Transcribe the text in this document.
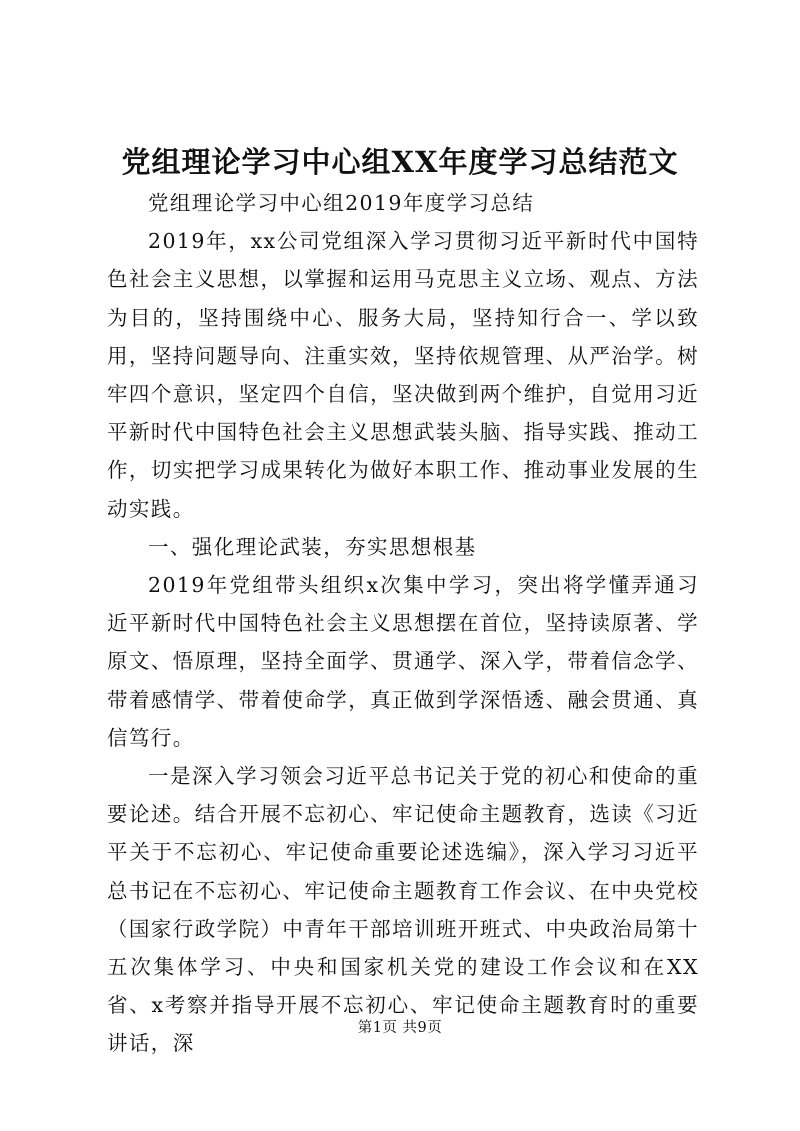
党组理论学习中心组XX年度学习总结范文

党组理论学习中心组2019年度学习总结

2019年，xx公司党组深入学习贯彻习近平新时代中国特色社会主义思想，以掌握和运用马克思主义立场、观点、方法为目的，坚持围绕中心、服务大局，坚持知行合一、学以致用，坚持问题导向、注重实效，坚持依规管理、从严治学。树牢四个意识，坚定四个自信，坚决做到两个维护，自觉用习近平新时代中国特色社会主义思想武装头脑、指导实践、推动工作，切实把学习成果转化为做好本职工作、推动事业发展的生动实践。

一、强化理论武装，夯实思想根基

2019年党组带头组织x次集中学习，突出将学懂弄通习近平新时代中国特色社会主义思想摆在首位，坚持读原著、学原文、悟原理，坚持全面学、贯通学、深入学，带着信念学、带着感情学、带着使命学，真正做到学深悟透、融会贯通、真信笃行。

一是深入学习领会习近平总书记关于党的初心和使命的重要论述。结合开展不忘初心、牢记使命主题教育，选读《习近平关于不忘初心、牢记使命重要论述选编》，深入学习习近平总书记在不忘初心、牢记使命主题教育工作会议、在中央党校（国家行政学院）中青年干部培训班开班式、中央政治局第十五次集体学习、中央和国家机关党的建设工作会议和在XX省、x考察并指导开展不忘初心、牢记使命主题教育时的重要讲话，深

第1页 共9页
